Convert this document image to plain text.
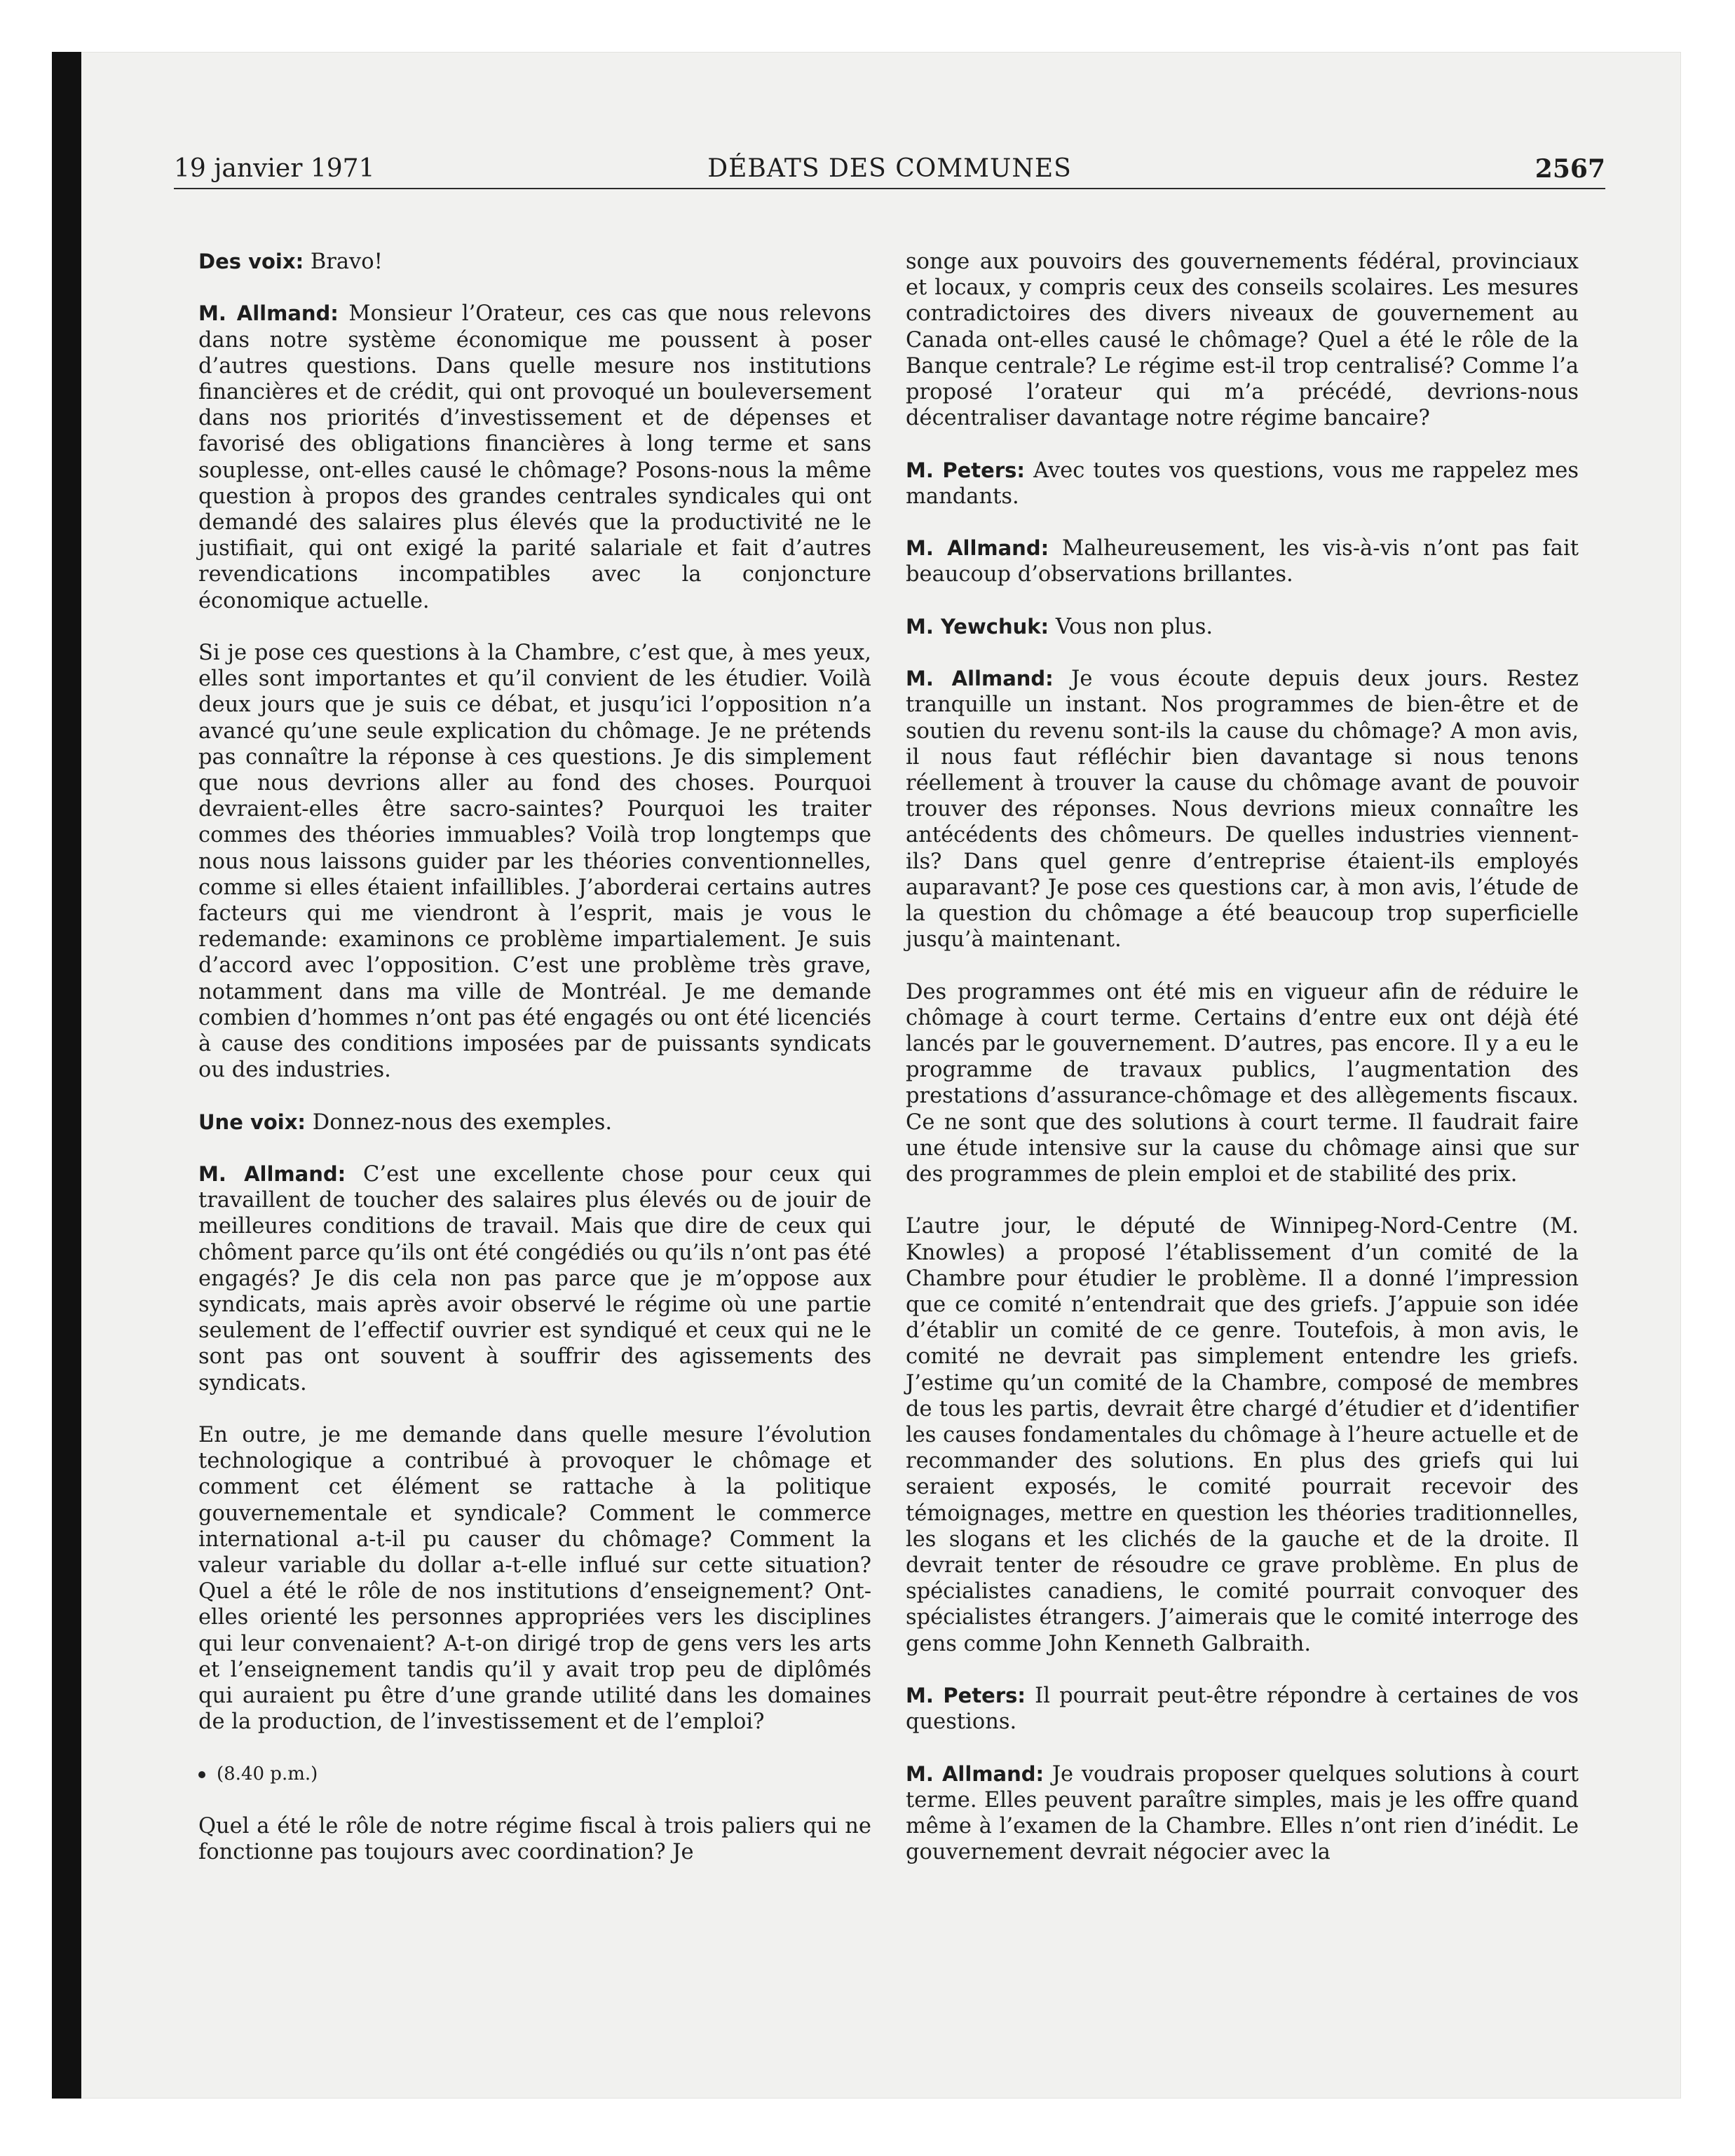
19 janvier 1971	DÉBATS DES COMMUNES	2567

Des voix: Bravo!

M. Allmand: Monsieur l’Orateur, ces cas que nous relevons dans notre système économique me poussent à poser d’autres questions. Dans quelle mesure nos institutions financières et de crédit, qui ont provoqué un bouleversement dans nos priorités d’investissement et de dépenses et favorisé des obligations financières à long terme et sans souplesse, ont-elles causé le chômage? Posons-nous la même question à propos des grandes centrales syndicales qui ont demandé des salaires plus élevés que la productivité ne le justifiait, qui ont exigé la parité salariale et fait d’autres revendications incompatibles avec la conjoncture économique actuelle.

Si je pose ces questions à la Chambre, c’est que, à mes yeux, elles sont importantes et qu’il convient de les étudier. Voilà deux jours que je suis ce débat, et jusqu’ici l’opposition n’a avancé qu’une seule explication du chômage. Je ne prétends pas connaître la réponse à ces questions. Je dis simplement que nous devrions aller au fond des choses. Pourquoi devraient-elles être sacro-saintes? Pourquoi les traiter commes des théories immuables? Voilà trop longtemps que nous nous laissons guider par les théories conventionnelles, comme si elles étaient infaillibles. J’aborderai certains autres facteurs qui me viendront à l’esprit, mais je vous le redemande: examinons ce problème impartialement. Je suis d’accord avec l’opposition. C’est une problème très grave, notamment dans ma ville de Montréal. Je me demande combien d’hommes n’ont pas été engagés ou ont été licenciés à cause des conditions imposées par de puissants syndicats ou des industries.

Une voix: Donnez-nous des exemples.

M. Allmand: C’est une excellente chose pour ceux qui travaillent de toucher des salaires plus élevés ou de jouir de meilleures conditions de travail. Mais que dire de ceux qui chôment parce qu’ils ont été congédiés ou qu’ils n’ont pas été engagés? Je dis cela non pas parce que je m’oppose aux syndicats, mais après avoir observé le régime où une partie seulement de l’effectif ouvrier est syndiqué et ceux qui ne le sont pas ont souvent à souffrir des agissements des syndicats.

En outre, je me demande dans quelle mesure l’évolution technologique a contribué à provoquer le chômage et comment cet élément se rattache à la politique gouvernementale et syndicale? Comment le commerce international a-t-il pu causer du chômage? Comment la valeur variable du dollar a-t-elle influé sur cette situation? Quel a été le rôle de nos institutions d’enseignement? Ont-elles orienté les personnes appropriées vers les disciplines qui leur convenaient? A-t-on dirigé trop de gens vers les arts et l’enseignement tandis qu’il y avait trop peu de diplômés qui auraient pu être d’une grande utilité dans les domaines de la production, de l’investissement et de l’emploi?

(8.40 p.m.)

Quel a été le rôle de notre régime fiscal à trois paliers qui ne fonctionne pas toujours avec coordination? Je

songe aux pouvoirs des gouvernements fédéral, provinciaux et locaux, y compris ceux des conseils scolaires. Les mesures contradictoires des divers niveaux de gouvernement au Canada ont-elles causé le chômage? Quel a été le rôle de la Banque centrale? Le régime est-il trop centralisé? Comme l’a proposé l’orateur qui m’a précédé, devrions-nous décentraliser davantage notre régime bancaire?

M. Peters: Avec toutes vos questions, vous me rappelez mes mandants.

M. Allmand: Malheureusement, les vis-à-vis n’ont pas fait beaucoup d’observations brillantes.

M. Yewchuk: Vous non plus.

M. Allmand: Je vous écoute depuis deux jours. Restez tranquille un instant. Nos programmes de bien-être et de soutien du revenu sont-ils la cause du chômage? A mon avis, il nous faut réfléchir bien davantage si nous tenons réellement à trouver la cause du chômage avant de pouvoir trouver des réponses. Nous devrions mieux connaître les antécédents des chômeurs. De quelles industries viennent-ils? Dans quel genre d’entreprise étaient-ils employés auparavant? Je pose ces questions car, à mon avis, l’étude de la question du chômage a été beaucoup trop superficielle jusqu’à maintenant.

Des programmes ont été mis en vigueur afin de réduire le chômage à court terme. Certains d’entre eux ont déjà été lancés par le gouvernement. D’autres, pas encore. Il y a eu le programme de travaux publics, l’augmentation des prestations d’assurance-chômage et des allègements fiscaux. Ce ne sont que des solutions à court terme. Il faudrait faire une étude intensive sur la cause du chômage ainsi que sur des programmes de plein emploi et de stabilité des prix.

L’autre jour, le député de Winnipeg-Nord-Centre (M. Knowles) a proposé l’établissement d’un comité de la Chambre pour étudier le problème. Il a donné l’impression que ce comité n’entendrait que des griefs. J’appuie son idée d’établir un comité de ce genre. Toutefois, à mon avis, le comité ne devrait pas simplement entendre les griefs. J’estime qu’un comité de la Chambre, composé de membres de tous les partis, devrait être chargé d’étudier et d’identifier les causes fondamentales du chômage à l’heure actuelle et de recommander des solutions. En plus des griefs qui lui seraient exposés, le comité pourrait recevoir des témoignages, mettre en question les théories traditionnelles, les slogans et les clichés de la gauche et de la droite. Il devrait tenter de résoudre ce grave problème. En plus de spécialistes canadiens, le comité pourrait convoquer des spécialistes étrangers. J’aimerais que le comité interroge des gens comme John Kenneth Galbraith.

M. Peters: Il pourrait peut-être répondre à certaines de vos questions.

M. Allmand: Je voudrais proposer quelques solutions à court terme. Elles peuvent paraître simples, mais je les offre quand même à l’examen de la Chambre. Elles n’ont rien d’inédit. Le gouvernement devrait négocier avec la
